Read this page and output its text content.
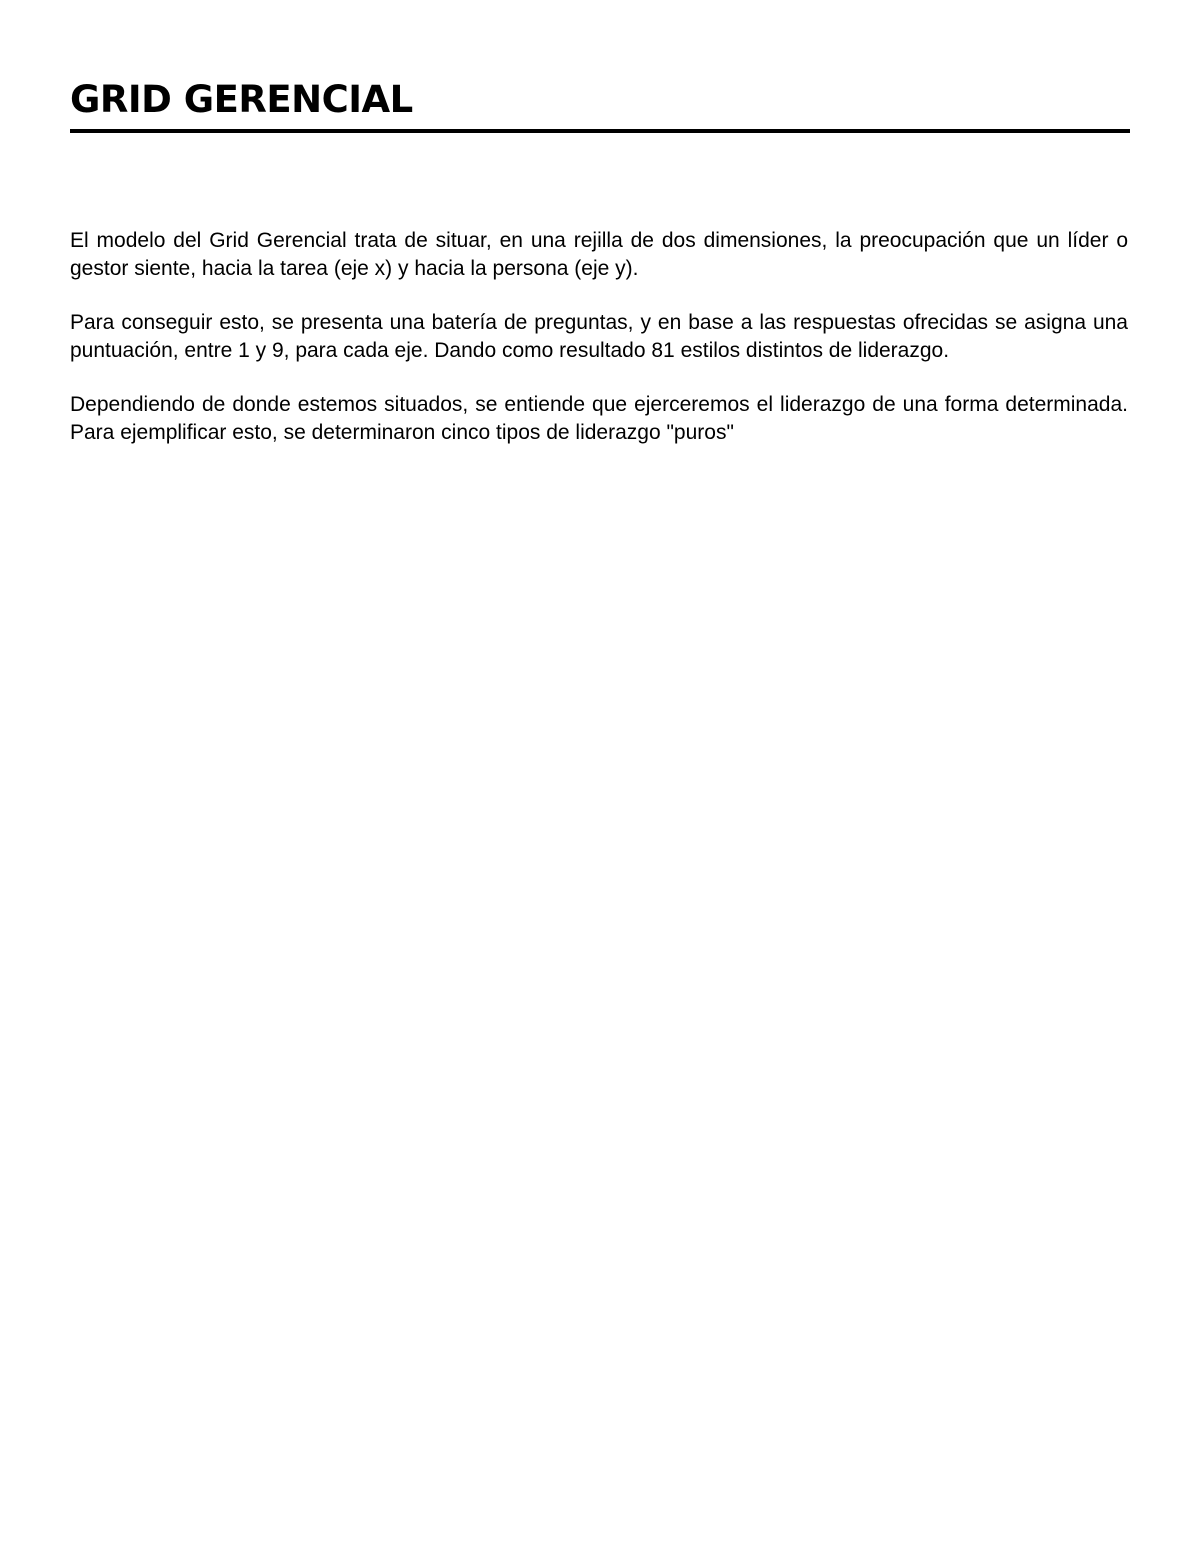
GRID GERENCIAL

El modelo del Grid Gerencial trata de situar, en una rejilla de dos dimensiones, la preocupación que un líder o gestor siente, hacia la tarea (eje x) y hacia la persona (eje y).

Para conseguir esto, se presenta una batería de preguntas, y en base a las respuestas ofrecidas se asigna una puntuación, entre 1 y 9, para cada eje. Dando como resultado 81 estilos distintos de liderazgo.

Dependiendo de donde estemos situados, se entiende que ejerceremos el liderazgo de una forma determinada. Para ejemplificar esto, se determinaron cinco tipos de liderazgo "puros"
